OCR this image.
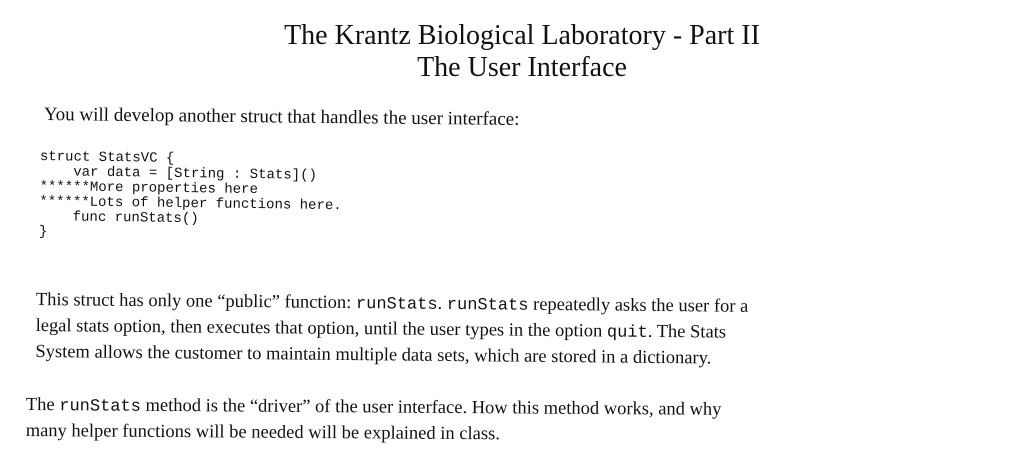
The Krantz Biological Laboratory - Part II
The User Interface
You will develop another struct that handles the user interface:
struct StatsVC {
var data = [String : Stats]()
******More properties here
******Lots of helper functions here.
func runStats()
}
This struct has only one “public” function: runStats. runStats repeatedly asks the user for a
legal stats option, then executes that option, until the user types in the option quit. The Stats
System allows the customer to maintain multiple data sets, which are stored in a dictionary.
The runStats method is the “driver” of the user interface. How this method works, and why
many helper functions will be needed will be explained in class.
